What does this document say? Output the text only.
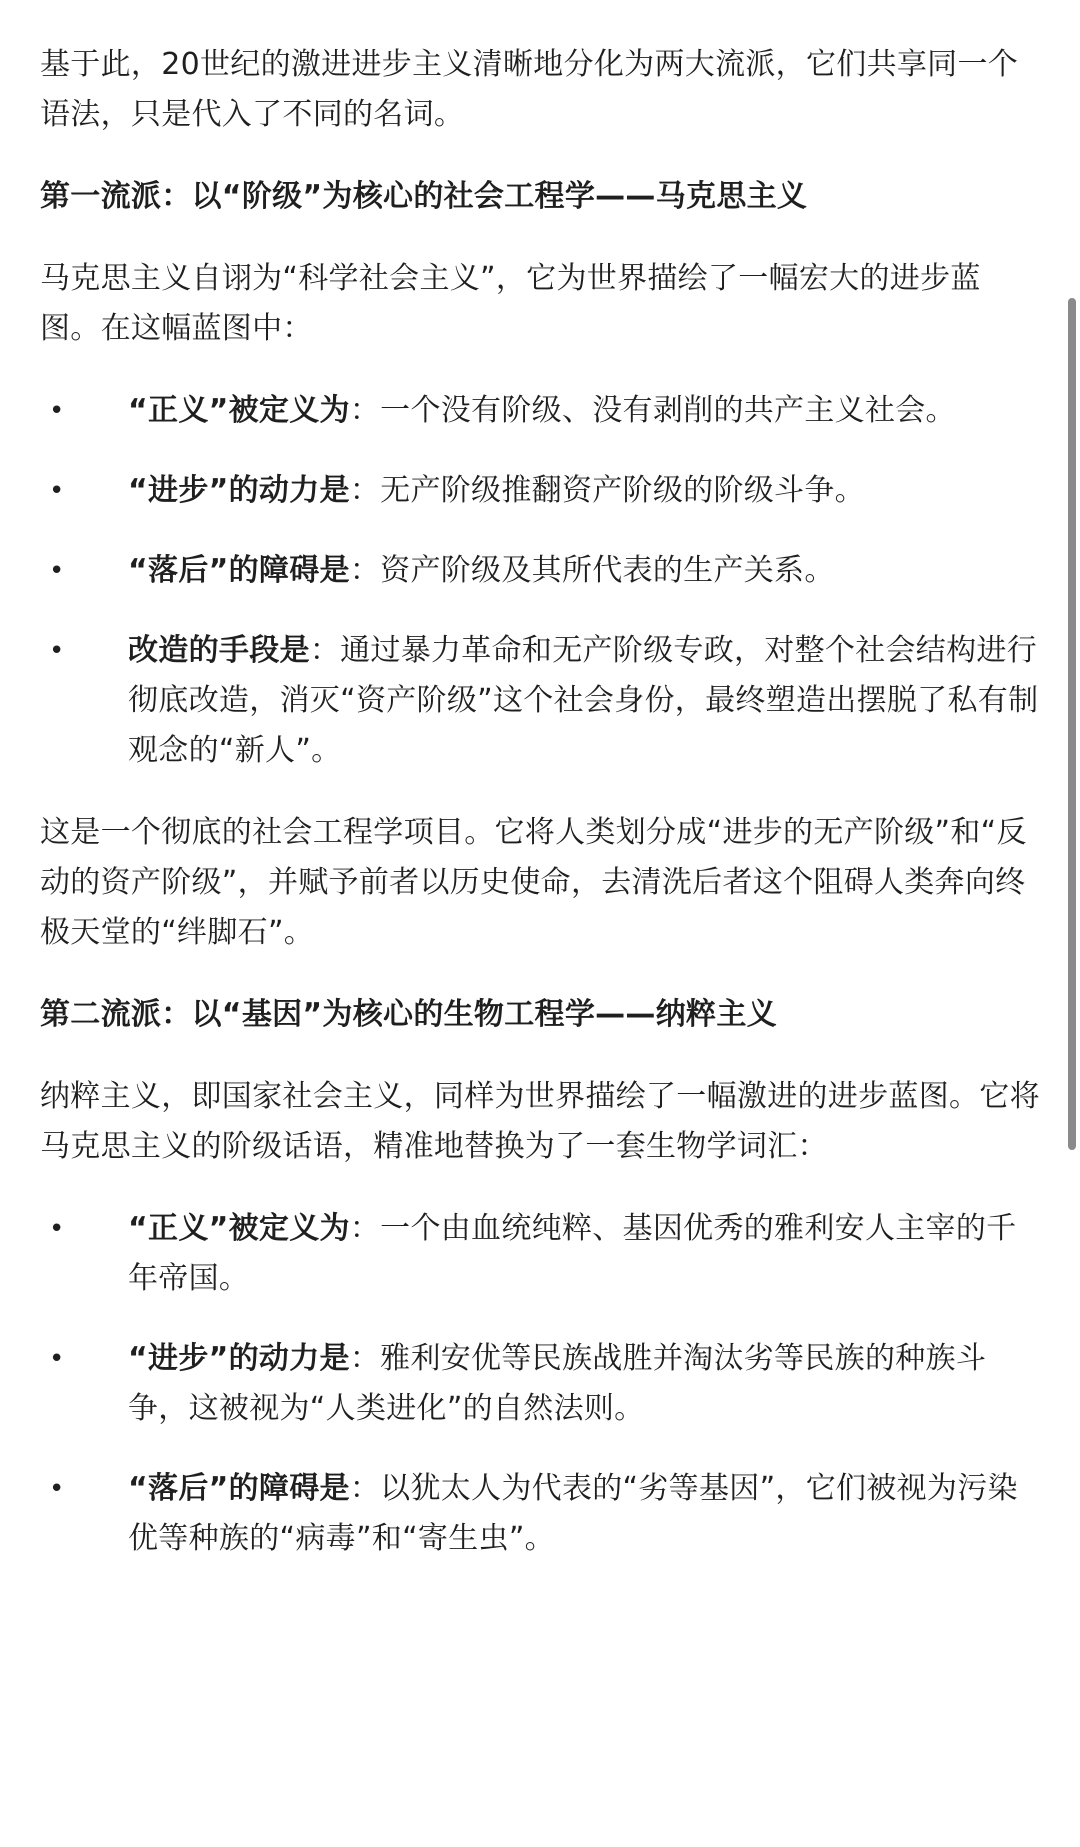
基于此，20世纪的激进进步主义清晰地分化为两大流派，它们共享同一个语法，只是代入了不同的名词。

第一流派：以“阶级”为核心的社会工程学——马克思主义

马克思主义自诩为“科学社会主义”，它为世界描绘了一幅宏大的进步蓝图。在这幅蓝图中：

• “正义”被定义为：一个没有阶级、没有剥削的共产主义社会。
• “进步”的动力是：无产阶级推翻资产阶级的阶级斗争。
• “落后”的障碍是：资产阶级及其所代表的生产关系。
• 改造的手段是：通过暴力革命和无产阶级专政，对整个社会结构进行彻底改造，消灭“资产阶级”这个社会身份，最终塑造出摆脱了私有制观念的“新人”。

这是一个彻底的社会工程学项目。它将人类划分成“进步的无产阶级”和“反动的资产阶级”，并赋予前者以历史使命，去清洗后者这个阻碍人类奔向终极天堂的“绊脚石”。

第二流派：以“基因”为核心的生物工程学——纳粹主义

纳粹主义，即国家社会主义，同样为世界描绘了一幅激进的进步蓝图。它将马克思主义的阶级话语，精准地替换为了一套生物学词汇：

• “正义”被定义为：一个由血统纯粹、基因优秀的雅利安人主宰的千年帝国。
• “进步”的动力是：雅利安优等民族战胜并淘汰劣等民族的种族斗争，这被视为“人类进化”的自然法则。
• “落后”的障碍是：以犹太人为代表的“劣等基因”，它们被视为污染优等种族的“病毒”和“寄生虫”。
